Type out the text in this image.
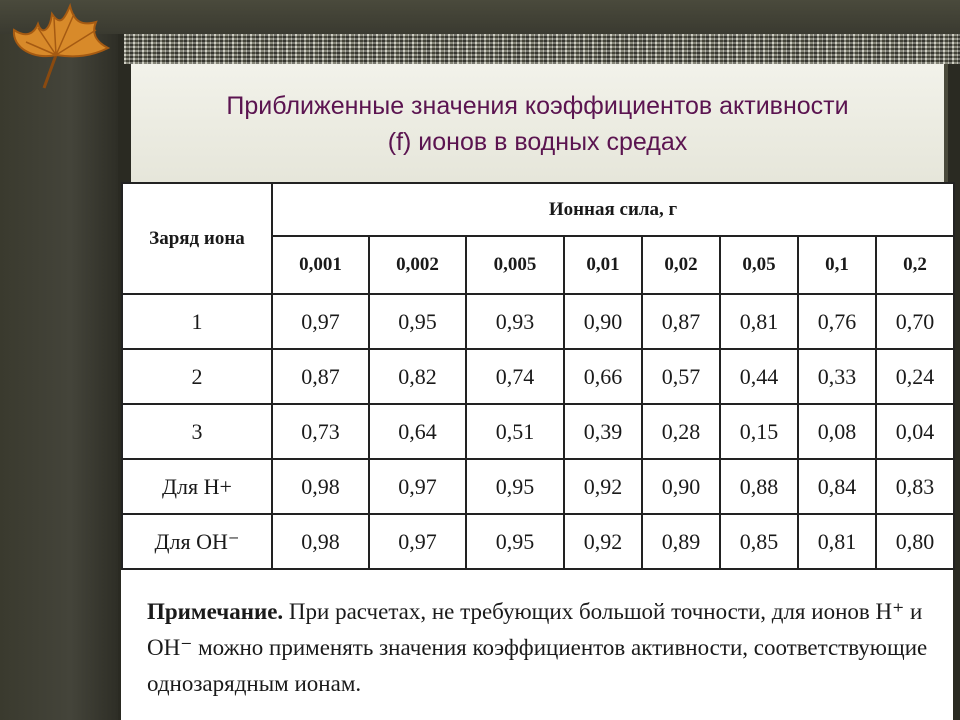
Приближенные значения коэффициентов активности
(f) ионов в водных средах
Заряд иона	Ионная сила, г							
	0,001	0,002	0,005	0,01	0,02	0,05	0,1	0,2
1	0,97	0,95	0,93	0,90	0,87	0,81	0,76	0,70
2	0,87	0,82	0,74	0,66	0,57	0,44	0,33	0,24
3	0,73	0,64	0,51	0,39	0,28	0,15	0,08	0,04
Для H+	0,98	0,97	0,95	0,92	0,90	0,88	0,84	0,83
Для OH⁻	0,98	0,97	0,95	0,92	0,89	0,85	0,81	0,80
Примечание. При расчетах, не требующих большой точности, для ионов H⁺ и OH⁻ можно применять значения коэффициентов активности, соответствующие однозарядным ионам.
